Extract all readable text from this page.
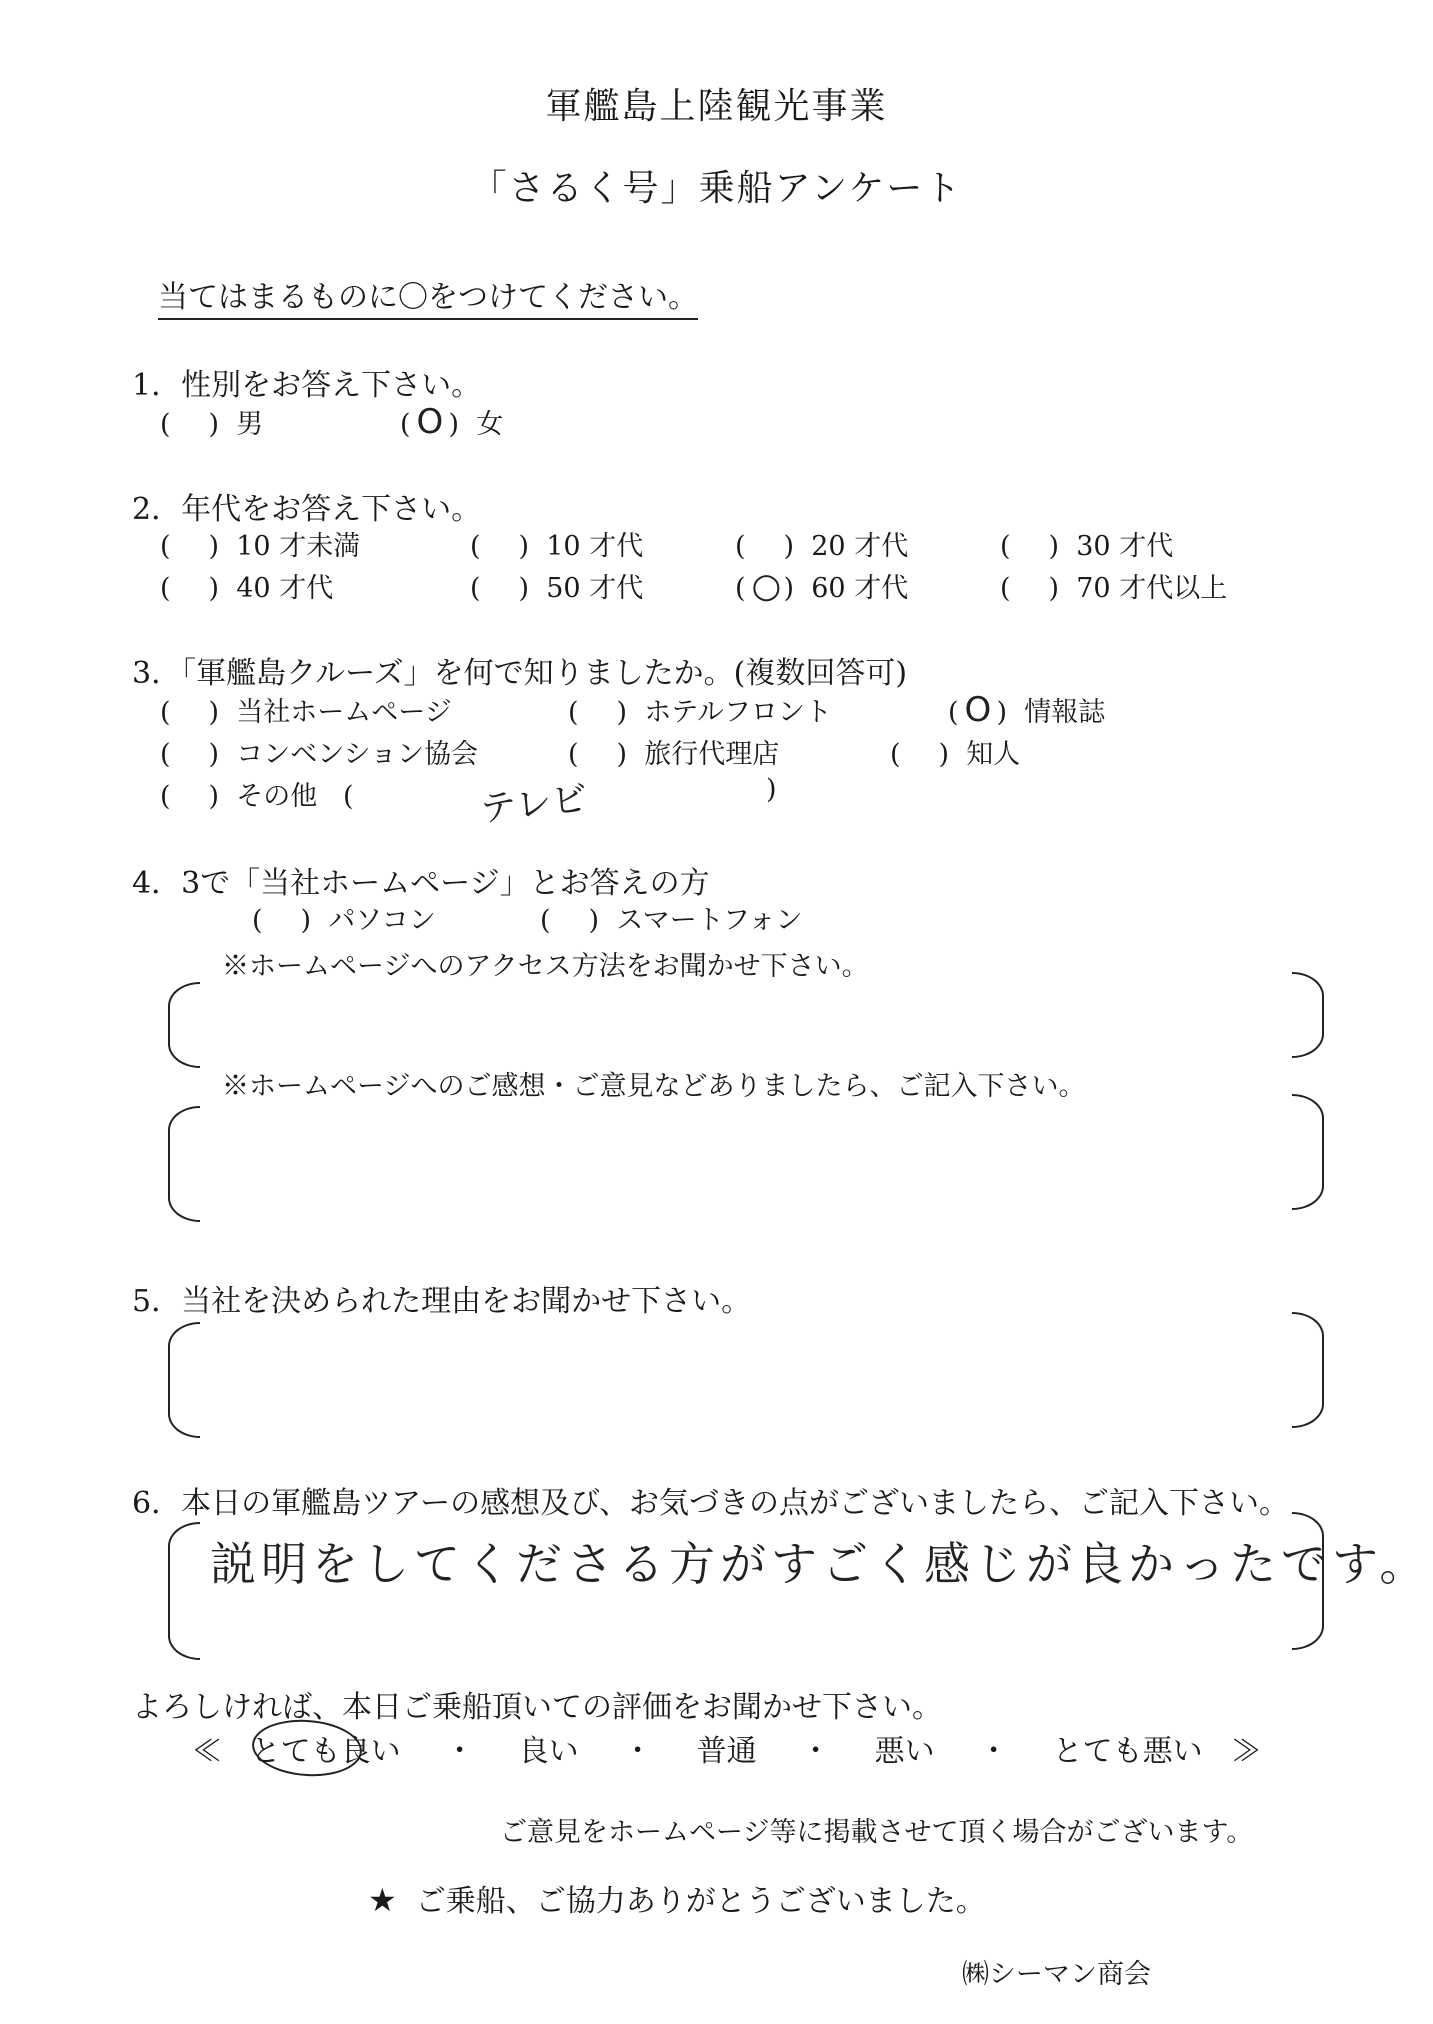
軍艦島上陸観光事業
「さるく号」乗船アンケート
当てはまるものに〇をつけてください。
1．性別をお答え下さい。
( )  男	( O )  女
2．年代をお答え下さい。
( )  10 才未満	( )  10 才代	( )  20 才代	( )  30 才代
( )  40 才代	( )  50 才代	( ○)  60 才代	( )  70 才代以上
3．「軍艦島クルーズ」を何で知りましたか。(複数回答可)
( )  当社ホームページ	( )  ホテルフロント	( O )  情報誌
( )  コンベンション協会	( )  旅行代理店	( )  知人
( )  その他   (	テレビ	)
4．3で「当社ホームページ」とお答えの方
( )  パソコン	( )  スマートフォン
※ホームページへのアクセス方法をお聞かせ下さい。
※ホームページへのご感想・ご意見などありましたら、ご記入下さい。
5．当社を決められた理由をお聞かせ下さい。
6．本日の軍艦島ツアーの感想及び、お気づきの点がございましたら、ご記入下さい。
説明をしてくださる方がすごく感じが良かったです。
よろしければ、本日ご乗船頂いての評価をお聞かせ下さい。
≪ とても良い ・ 良い ・ 普通 ・ 悪い ・ とても悪い ≫
ご意見をホームページ等に掲載させて頂く場合がございます。
★ ご乗船、ご協力ありがとうございました。
㈱シーマン商会
